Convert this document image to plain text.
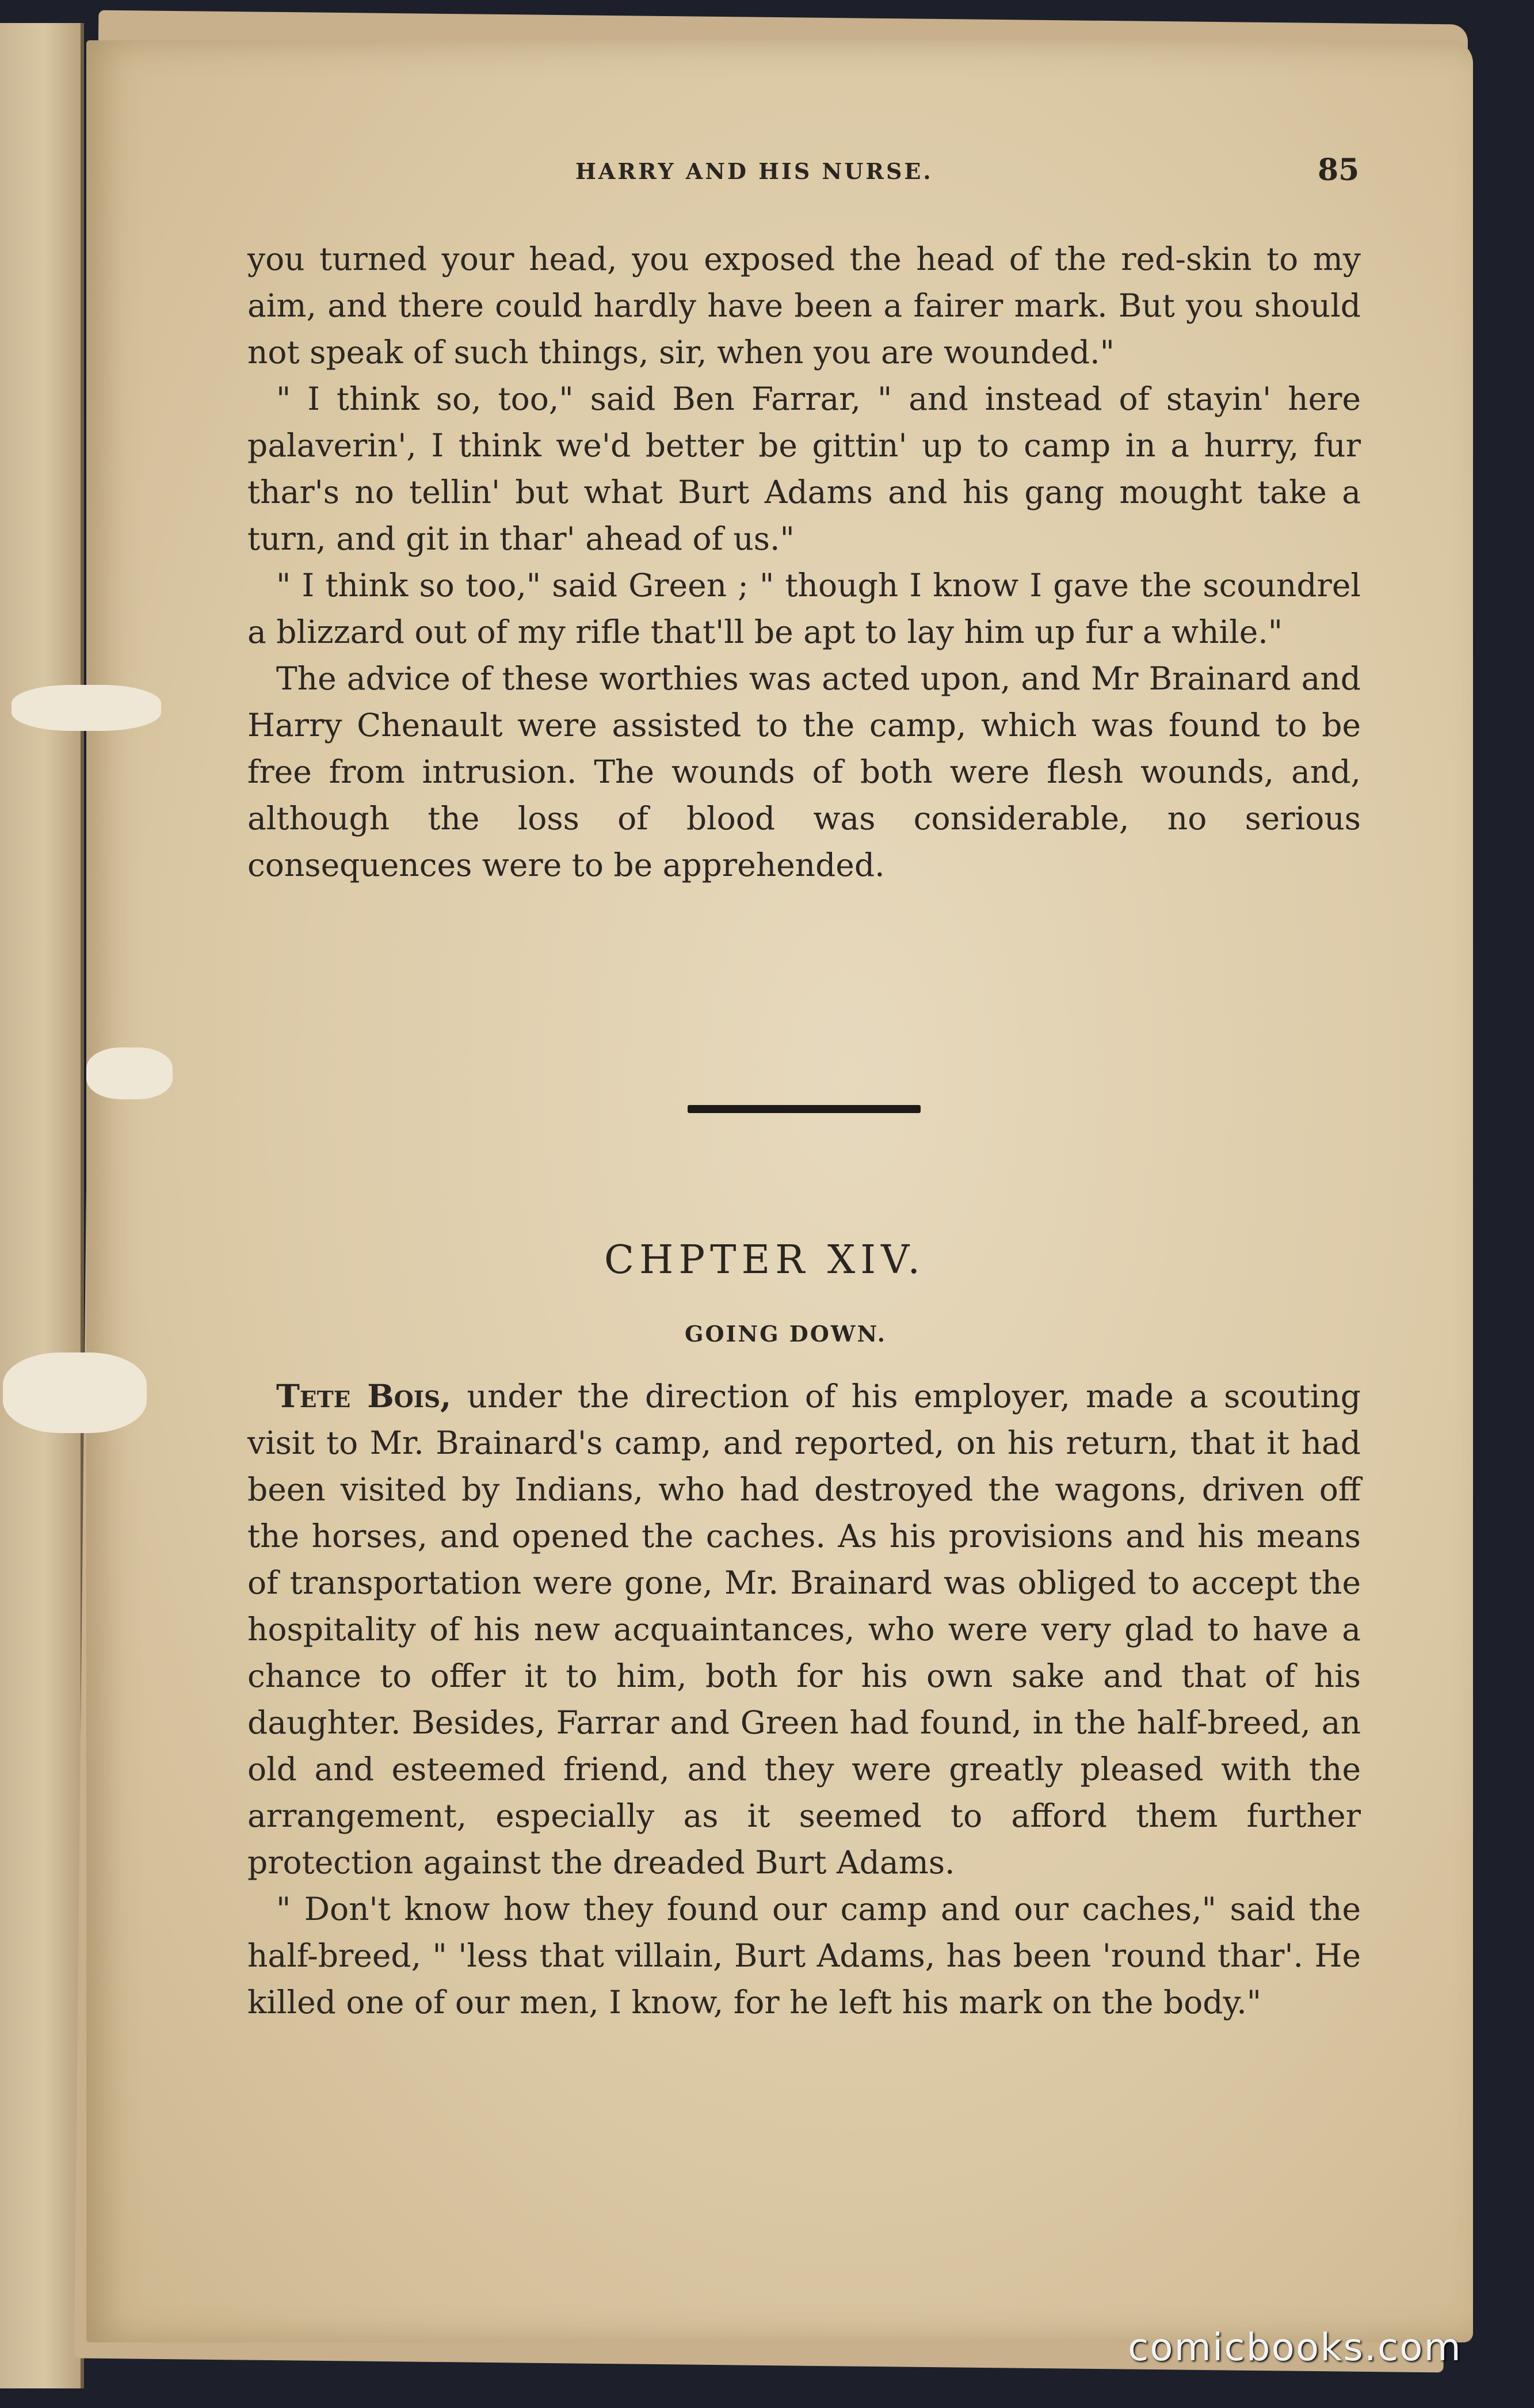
HARRY AND HIS NURSE.	85

you turned your head, you exposed the head of the red-skin to my aim, and there could hardly have been a fairer mark. But you should not speak of such things, sir, when you are wounded."

" I think so, too," said Ben Farrar, " and instead of stayin' here palaverin', I think we'd better be gittin' up to camp in a hurry, fur thar's no tellin' but what Burt Adams and his gang mought take a turn, and git in thar' ahead of us."

" I think so too," said Green ; " though I know I gave the scoundrel a blizzard out of my rifle that'll be apt to lay him up fur a while."

The advice of these worthies was acted upon, and Mr Brainard and Harry Chenault were assisted to the camp, which was found to be free from intrusion. The wounds of both were flesh wounds, and, although the loss of blood was considerable, no serious consequences were to be apprehended.

CHPTER XIV.
GOING DOWN.

Tete Bois, under the direction of his employer, made a scouting visit to Mr. Brainard's camp, and reported, on his return, that it had been visited by Indians, who had destroyed the wagons, driven off the horses, and opened the caches. As his provisions and his means of transportation were gone, Mr. Brainard was obliged to accept the hospitality of his new acquaintances, who were very glad to have a chance to offer it to him, both for his own sake and that of his daughter. Besides, Farrar and Green had found, in the half-breed, an old and esteemed friend, and they were greatly pleased with the arrangement, especially as it seemed to afford them further protection against the dreaded Burt Adams.

" Don't know how they found our camp and our caches," said the half-breed, " 'less that villain, Burt Adams, has been 'round thar'. He killed one of our men, I know, for he left his mark on the body."

comicbooks.com
